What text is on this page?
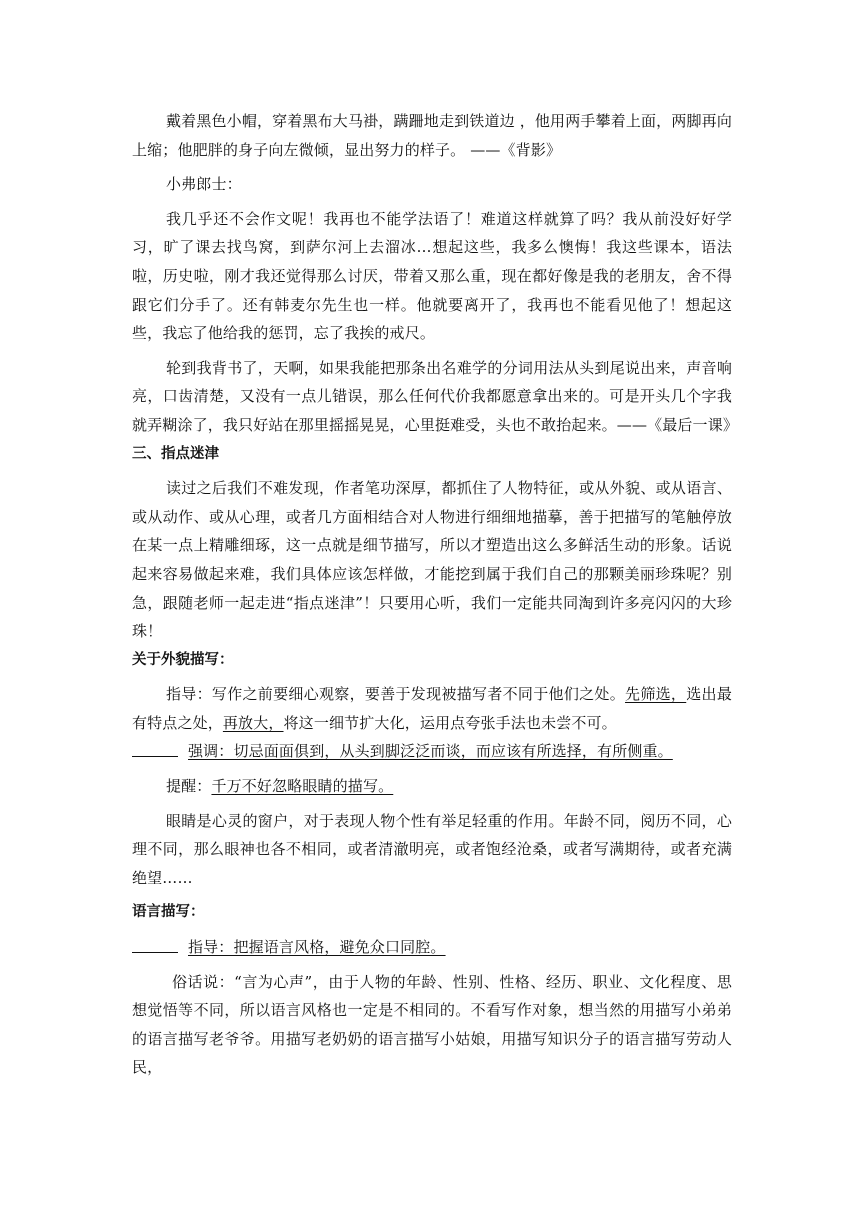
戴着黑色小帽，穿着黑布大马褂，蹒跚地走到铁道边 ，他用两手攀着上面，两脚再向上缩；他肥胖的身子向左微倾，显出努力的样子。 ——《背影》

小弗郎士：

我几乎还不会作文呢！我再也不能学法语了！难道这样就算了吗？我从前没好好学习，旷了课去找鸟窝，到萨尔河上去溜冰…想起这些，我多么懊悔！我这些课本，语法啦，历史啦，刚才我还觉得那么讨厌，带着又那么重，现在都好像是我的老朋友，舍不得跟它们分手了。还有韩麦尔先生也一样。他就要离开了，我再也不能看见他了！想起这些，我忘了他给我的惩罚，忘了我挨的戒尺。

轮到我背书了，天啊，如果我能把那条出名难学的分词用法从头到尾说出来，声音响亮，口齿清楚，又没有一点儿错误，那么任何代价我都愿意拿出来的。可是开头几个字我就弄糊涂了，我只好站在那里摇摇晃晃，心里挺难受，头也不敢抬起来。——《最后一课》

三、指点迷津

读过之后我们不难发现，作者笔功深厚，都抓住了人物特征，或从外貌、或从语言、或从动作、或从心理，或者几方面相结合对人物进行细细地描摹，善于把描写的笔触停放在某一点上精雕细琢，这一点就是细节描写，所以才塑造出这么多鲜活生动的形象。话说起来容易做起来难，我们具体应该怎样做，才能挖到属于我们自己的那颗美丽珍珠呢？别急，跟随老师一起走进“指点迷津”！只要用心听，我们一定能共同淘到许多亮闪闪的大珍珠！

关于外貌描写：

指导：写作之前要细心观察，要善于发现被描写者不同于他们之处。先筛选，选出最有特点之处，再放大，将这一细节扩大化，运用点夸张手法也未尝不可。

强调：切忌面面俱到，从头到脚泛泛而谈，而应该有所选择，有所侧重。

提醒：千万不好忽略眼睛的描写。

眼睛是心灵的窗户，对于表现人物个性有举足轻重的作用。年龄不同，阅历不同，心理不同，那么眼神也各不相同，或者清澈明亮，或者饱经沧桑，或者写满期待，或者充满绝望……

语言描写：

指导：把握语言风格，避免众口同腔。

俗话说：“言为心声”，由于人物的年龄、性别、性格、经历、职业、文化程度、思想觉悟等不同，所以语言风格也一定是不相同的。不看写作对象，想当然的用描写小弟弟的语言描写老爷爷。用描写老奶奶的语言描写小姑娘，用描写知识分子的语言描写劳动人民，
